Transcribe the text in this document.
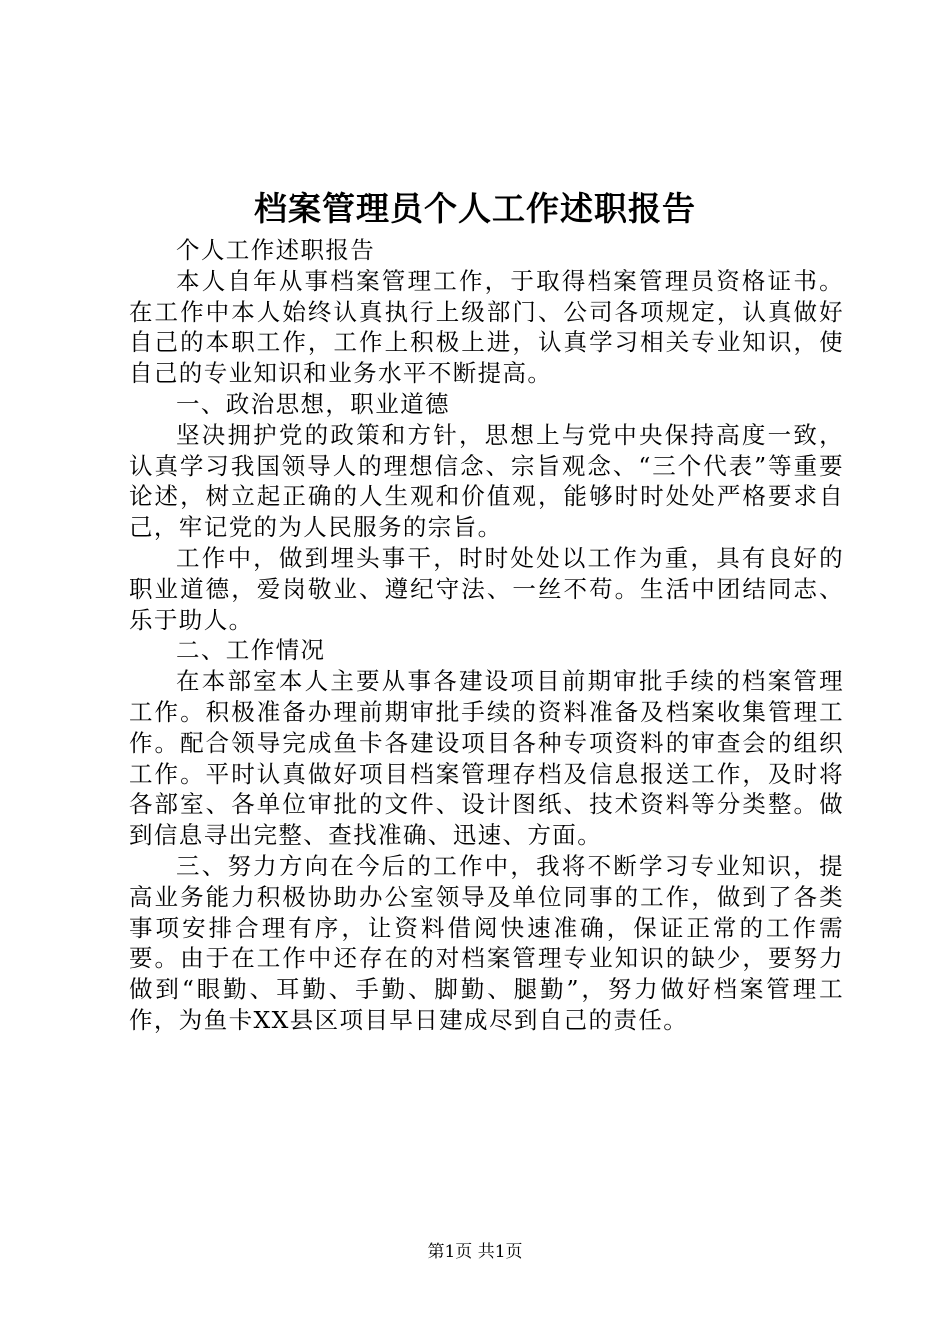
档案管理员个人工作述职报告

个人工作述职报告

本人自年从事档案管理工作，于取得档案管理员资格证书。在工作中本人始终认真执行上级部门、公司各项规定，认真做好自己的本职工作，工作上积极上进，认真学习相关专业知识，使自己的专业知识和业务水平不断提高。

一、政治思想，职业道德

坚决拥护党的政策和方针，思想上与党中央保持高度一致，认真学习我国领导人的理想信念、宗旨观念、“三个代表”等重要论述，树立起正确的人生观和价值观，能够时时处处严格要求自己，牢记党的为人民服务的宗旨。

工作中，做到埋头事干，时时处处以工作为重，具有良好的职业道德，爱岗敬业、遵纪守法、一丝不苟。生活中团结同志、乐于助人。

二、工作情况

在本部室本人主要从事各建设项目前期审批手续的档案管理工作。积极准备办理前期审批手续的资料准备及档案收集管理工作。配合领导完成鱼卡各建设项目各种专项资料的审查会的组织工作。平时认真做好项目档案管理存档及信息报送工作，及时将各部室、各单位审批的文件、设计图纸、技术资料等分类整。做到信息寻出完整、查找准确、迅速、方面。

三、努力方向在今后的工作中，我将不断学习专业知识，提高业务能力积极协助办公室领导及单位同事的工作，做到了各类事项安排合理有序，让资料借阅快速准确，保证正常的工作需要。由于在工作中还存在的对档案管理专业知识的缺少，要努力做到“眼勤、耳勤、手勤、脚勤、腿勤”，努力做好档案管理工作，为鱼卡XX县区项目早日建成尽到自己的责任。

第1页 共1页
